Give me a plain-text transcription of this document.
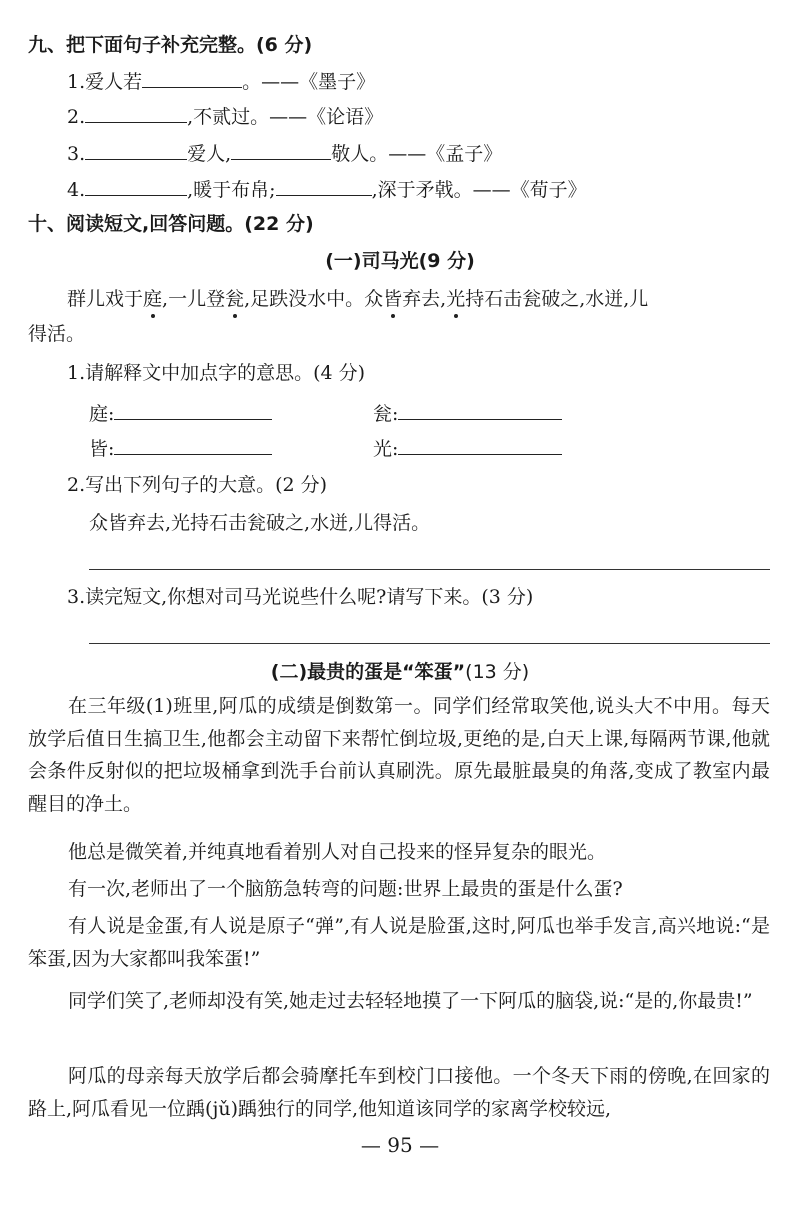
九、把下面句子补充完整。(6 分)
1.爱人若	。——《墨子》
2.	,不贰过。——《论语》
3.	爱人,	敬人。——《孟子》
4.	,暖于布帛;	,深于矛戟。——《荀子》
十、阅读短文,回答问题。(22 分)
(一)司马光(9 分)
群儿戏于庭,一儿登瓮,足跌没水中。众皆弃去,光持石击瓮破之,水迸,儿
得活。
1.请解释文中加点字的意思。(4 分)
庭:	瓮:
皆:	光:
2.写出下列句子的大意。(2 分)
众皆弃去,光持石击瓮破之,水迸,儿得活。
3.读完短文,你想对司马光说些什么呢?请写下来。(3 分)
(二)最贵的蛋是“笨蛋”(13 分)
在三年级(1)班里,阿瓜的成绩是倒数第一。同学们经常取笑他,说头大不中用。每天放学后值日生搞卫生,他都会主动留下来帮忙倒垃圾,更绝的是,白天上课,每隔两节课,他就会条件反射似的把垃圾桶拿到洗手台前认真刷洗。原先最脏最臭的角落,变成了教室内最醒目的净土。
他总是微笑着,并纯真地看着别人对自己投来的怪异复杂的眼光。
有一次,老师出了一个脑筋急转弯的问题:世界上最贵的蛋是什么蛋?
有人说是金蛋,有人说是原子“弹”,有人说是脸蛋,这时,阿瓜也举手发言,高兴地说:“是笨蛋,因为大家都叫我笨蛋!”
同学们笑了,老师却没有笑,她走过去轻轻地摸了一下阿瓜的脑袋,说:“是的,你最贵!”
阿瓜的母亲每天放学后都会骑摩托车到校门口接他。一个冬天下雨的傍晚,在回家的路上,阿瓜看见一位踽(jǔ)踽独行的同学,他知道该同学的家离学校较远,
— 95 —
